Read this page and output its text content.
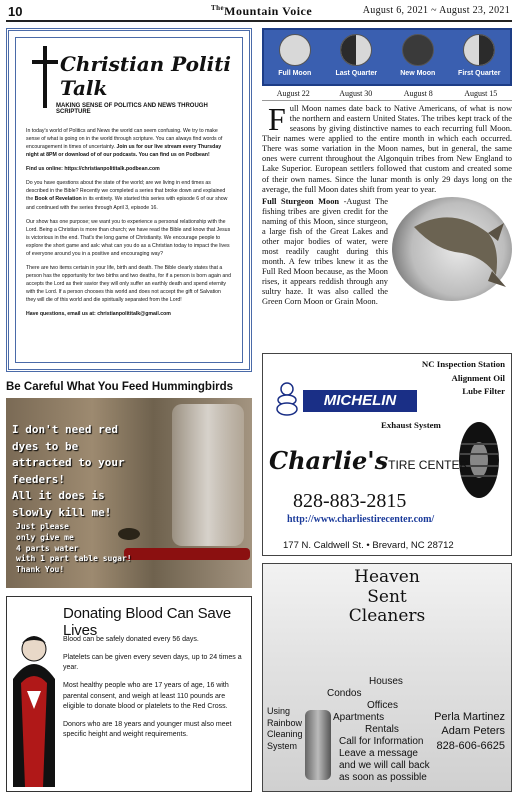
10	$^{The}$Mountain Voice	August 6, 2021 ~ August 23, 2021
Christian Politi Talk
MAKING SENSE OF POLITICS AND NEWS THROUGH SCRIPTURE

In today's world of Politics and News the world can seem confusing. We try to make sense of what is going on in the world through scripture. You can always find words of encouragement in times of uncertainty. Join us for our live stream every Thursday night at 8PM or download of of our podcasts. You can find us on Podbean!

Find us online: https://christianpolititalk.podbean.com

Do you have questions about the state of the world; are we living in end times as described in the Bible? Recently we completed a series that broke down and explained the Book of Revelation in its entirety. We started this series with episode 6 of our show and continued with the series through April 3, episode 16.

Our show has one purpose; we want you to experience a personal relationship with the Lord. Being a Christian is more than church; we have read the Bible and know that Jesus is victorious in the end. That's the long game of Christianity. We encourage people to explore the short game and ask: what can you do as a Christian today to impact the lives of everyone around you in a positive and encouraging way?

There are two items certain in your life, birth and death. The Bible clearly states that a person has the opportunity for two births and two deaths, for if a person is born again and accepts the Lord as their savior they will only suffer an earthly death and spend eternity with the Lord. If a person chooses this world and does not accept the gift of Salvation they will die of this world and die spiritually separated from the Lord!

Have questions, email us at: christianpolititalk@gmail.com

Full Moon	Last Quarter	New Moon	First Quarter
August 22	August 30	August 8	August 15
Full Moon names date back to Native Americans, of what is now the northern and eastern United States. The tribes kept track of the seasons by giving distinctive names to each recurring full Moon. Their names were applied to the entire month in which each occurred. There was some variation in the Moon names, but in general, the same ones were current throughout the Algonquin tribes from New England to Lake Superior. European settlers followed that custom and created some of their own names. Since the lunar month is only 29 days long on the average, the full Moon dates shift from year to year.
Full Sturgeon Moon -August The fishing tribes are given credit for the naming of this Moon, since sturgeon, a large fish of the Great Lakes and other major bodies of water, were most readily caught during this month. A few tribes knew it as the Full Red Moon because, as the Moon rises, it appears reddish through any sultry haze. It was also called the Green Corn Moon or Grain Moon.
NC Inspection Station
Alignment Oil
Lube Filter
MICHELIN
Exhaust System
Charlie'sTIRE CENTER
828-883-2815
http://www.charliestirecenter.com/
177 N. Caldwell St. • Brevard, NC 28712
Be Careful What You Feed Hummingbirds
I don't need red
dyes to be
attracted to your
feeders!
All it does is
slowly kill me!
Just please
only give me
4 parts water
with 1 part table sugar!
Thank You!
Donating Blood Can Save Lives

Blood can be safely donated every 56 days.

Platelets can be given every seven days, up to 24 times a year.

Most healthy people who are 17 years of age, 16 with parental consent, and weigh at least 110 pounds are eligible to donate blood or platelets to the Red Cross.

Donors who are 18 years and younger must also meet specific height and weight requirements.

Heaven
Sent
Cleaners
Houses
Condos
Offices
Apartments
Rentals
Call for Information
Leave a message
and we will call back
as soon as possible
Using
Rainbow
Cleaning
System
Perla Martinez
Adam Peters
828-606-6625
